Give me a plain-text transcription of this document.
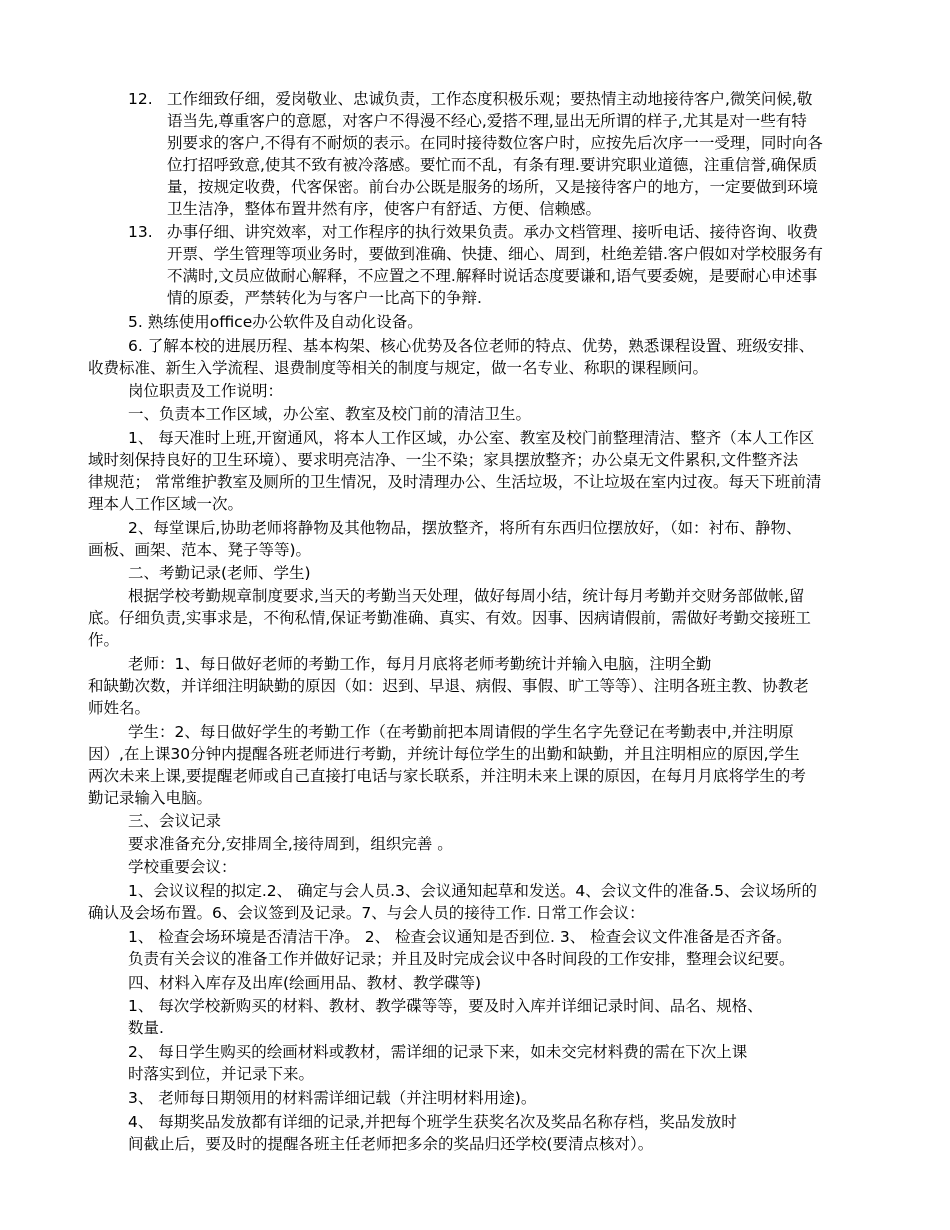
12. 工作细致仔细，爱岗敬业、忠诚负责，工作态度积极乐观；要热情主动地接待客户,微笑问候,敬
语当先,尊重客户的意愿，对客户不得漫不经心,爱搭不理,显出无所谓的样子,尤其是对一些有特
别要求的客户,不得有不耐烦的表示。在同时接待数位客户时，应按先后次序一一受理，同时向各
位打招呼致意,使其不致有被冷落感。要忙而不乱，有条有理.要讲究职业道德，注重信誉,确保质
量，按规定收费，代客保密。前台办公既是服务的场所，又是接待客户的地方，一定要做到环境
卫生洁净，整体布置井然有序，使客户有舒适、方便、信赖感。
13. 办事仔细、讲究效率，对工作程序的执行效果负责。承办文档管理、接听电话、接待咨询、收费
开票、学生管理等项业务时，要做到准确、快捷、细心、周到，杜绝差错.客户假如对学校服务有
不满时,文员应做耐心解释，不应置之不理.解释时说话态度要谦和,语气要委婉，是要耐心申述事
情的原委，严禁转化为与客户一比高下的争辩.
5. 熟练使用office办公软件及自动化设备。
6. 了解本校的进展历程、基本构架、核心优势及各位老师的特点、优势，熟悉课程设置、班级安排、
收费标准、新生入学流程、退费制度等相关的制度与规定，做一名专业、称职的课程顾问。
岗位职责及工作说明：
一、负责本工作区域，办公室、教室及校门前的清洁卫生。
1、 每天准时上班,开窗通风，将本人工作区域，办公室、教室及校门前整理清洁、整齐（本人工作区
域时刻保持良好的卫生环境）、要求明亮洁净、一尘不染；家具摆放整齐；办公桌无文件累积,文件整齐法
律规范； 常常维护教室及厕所的卫生情况，及时清理办公、生活垃圾，不让垃圾在室内过夜。每天下班前清
理本人工作区域一次。
2、每堂课后,协助老师将静物及其他物品，摆放整齐，将所有东西归位摆放好，（如：衬布、静物、
画板、画架、范本、凳子等等)。
二、考勤记录(老师、学生)
根据学校考勤规章制度要求,当天的考勤当天处理，做好每周小结，统计每月考勤并交财务部做帐,留
底。仔细负责,实事求是，不徇私情,保证考勤准确、真实、有效。因事、因病请假前，需做好考勤交接班工
作。
老师：1、每日做好老师的考勤工作，每月月底将老师考勤统计并输入电脑，注明全勤
和缺勤次数，并详细注明缺勤的原因（如：迟到、早退、病假、事假、旷工等等）、注明各班主教、协教老
师姓名。
学生：2、每日做好学生的考勤工作（在考勤前把本周请假的学生名字先登记在考勤表中,并注明原
因）,在上课30分钟内提醒各班老师进行考勤，并统计每位学生的出勤和缺勤，并且注明相应的原因,学生
两次未来上课,要提醒老师或自己直接打电话与家长联系，并注明未来上课的原因，在每月月底将学生的考
勤记录输入电脑。
三、会议记录
要求准备充分,安排周全,接待周到，组织完善 。
学校重要会议：
1、会议议程的拟定.2、 确定与会人员.3、会议通知起草和发送。4、会议文件的准备.5、会议场所的
确认及会场布置。6、会议签到及记录。7、与会人员的接待工作. 日常工作会议：
1、 检查会场环境是否清洁干净。 2、 检查会议通知是否到位. 3、 检查会议文件准备是否齐备。
负责有关会议的准备工作并做好记录；并且及时完成会议中各时间段的工作安排，整理会议纪要。
四、材料入库存及出库(绘画用品、教材、教学碟等)
1、 每次学校新购买的材料、教材、教学碟等等，要及时入库并详细记录时间、品名、规格、
数量.
2、 每日学生购买的绘画材料或教材，需详细的记录下来，如未交完材料费的需在下次上课
时落实到位，并记录下来。
3、 老师每日期领用的材料需详细记载（并注明材料用途)。
4、 每期奖品发放都有详细的记录,并把每个班学生获奖名次及奖品名称存档，奖品发放时
间截止后，要及时的提醒各班主任老师把多余的奖品归还学校(要清点核对）。
